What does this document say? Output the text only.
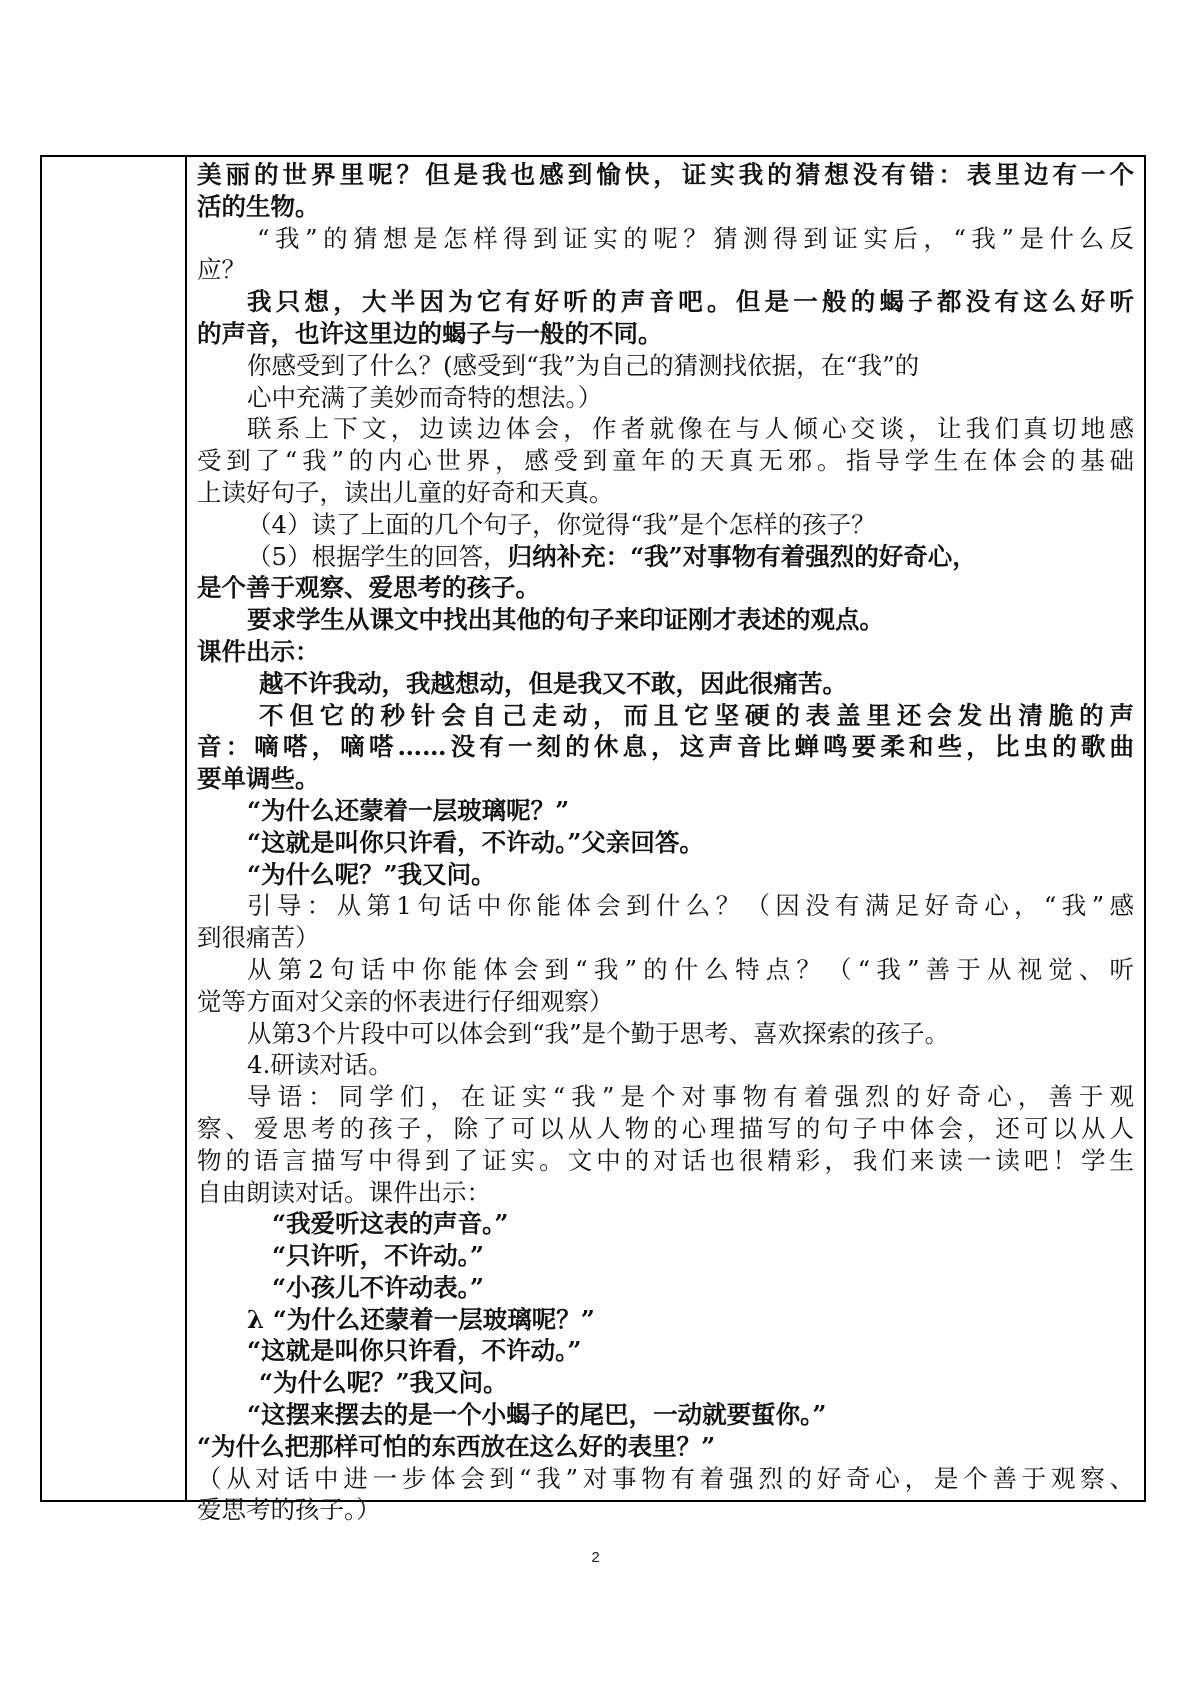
美丽的世界里呢？但是我也感到愉快，证实我的猜想没有错：表里边有一个
活的生物。
“我”的猜想是怎样得到证实的呢？猜测得到证实后，“我”是什么反
应？
我只想，大半因为它有好听的声音吧。但是一般的蝎子都没有这么好听
的声音，也许这里边的蝎子与一般的不同。
你感受到了什么？(感受到“我”为自己的猜测找依据，在“我”的
心中充满了美妙而奇特的想法。）
联系上下文，边读边体会，作者就像在与人倾心交谈，让我们真切地感
受到了“我”的内心世界，感受到童年的天真无邪。指导学生在体会的基础
上读好句子，读出儿童的好奇和天真。
（4）读了上面的几个句子，你觉得“我”是个怎样的孩子？
（5）根据学生的回答，归纳补充：“我”对事物有着强烈的好奇心，
是个善于观察、爱思考的孩子。
要求学生从课文中找出其他的句子来印证刚才表述的观点。
课件出示：
越不许我动，我越想动，但是我又不敢，因此很痛苦。
不但它的秒针会自己走动，而且它坚硬的表盖里还会发出清脆的声
音：嘀嗒，嘀嗒……没有一刻的休息，这声音比蝉鸣要柔和些，比虫的歌曲
要单调些。
“为什么还蒙着一层玻璃呢？”
“这就是叫你只许看，不许动。”父亲回答。
“为什么呢？”我又问。
引导：从第1句话中你能体会到什么？（因没有满足好奇心，“我”感
到很痛苦）
从第2句话中你能体会到“我”的什么特点？（“我”善于从视觉、听
觉等方面对父亲的怀表进行仔细观察）
从第3个片段中可以体会到“我”是个勤于思考、喜欢探索的孩子。
4.研读对话。
导语：同学们，在证实“我”是个对事物有着强烈的好奇心，善于观
察、爱思考的孩子，除了可以从人物的心理描写的句子中体会，还可以从人
物的语言描写中得到了证实。文中的对话也很精彩，我们来读一读吧！学生
自由朗读对话。课件出示：
“我爱听这表的声音。”
“只许听，不许动。”
“小孩儿不许动表。”
λ “为什么还蒙着一层玻璃呢？”
“这就是叫你只许看，不许动。”
“为什么呢？”我又问。
“这摆来摆去的是一个小蝎子的尾巴，一动就要蜇你。”
“为什么把那样可怕的东西放在这么好的表里？”
（从对话中进一步体会到“我”对事物有着强烈的好奇心，是个善于观察、
爱思考的孩子。）
2
